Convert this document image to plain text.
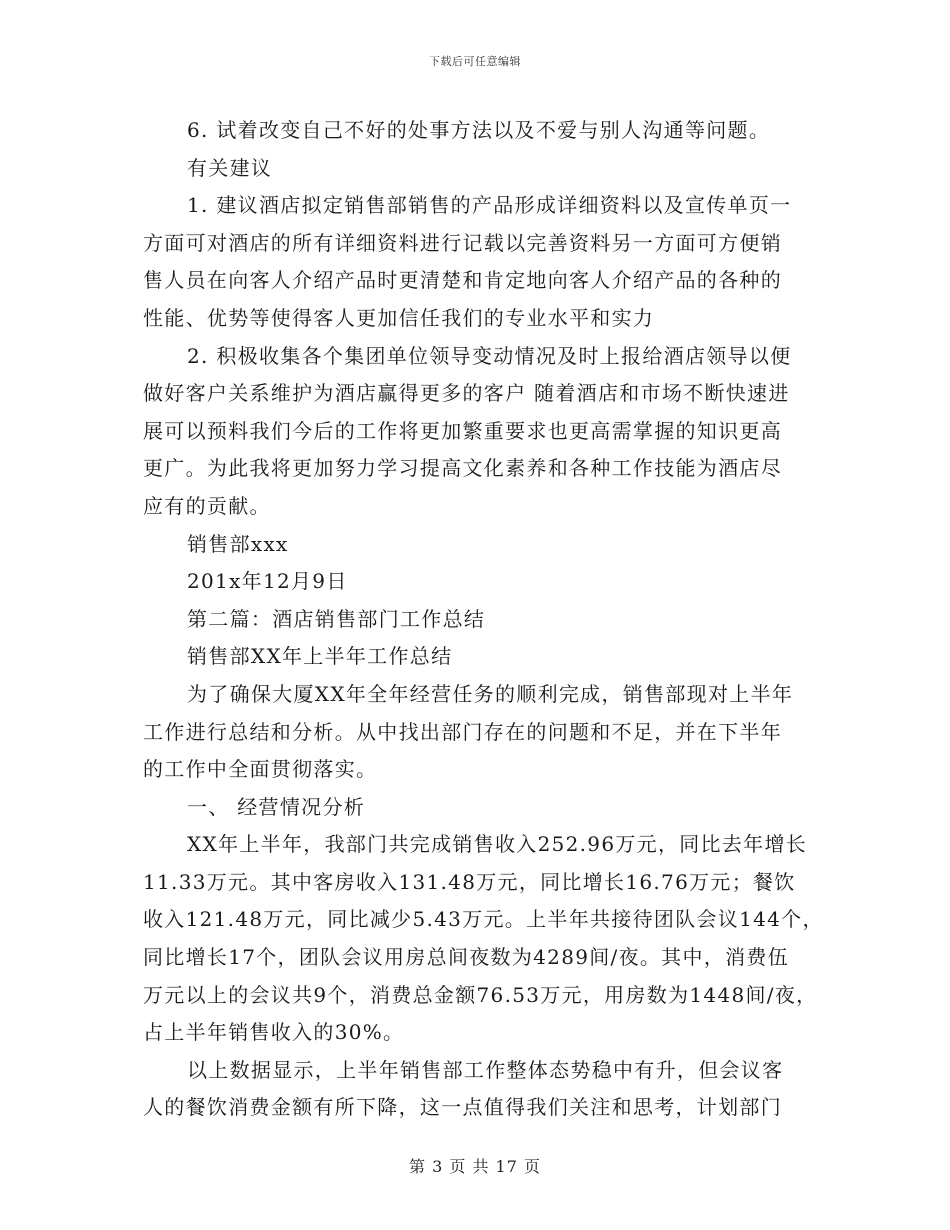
下载后可任意编辑
6. 试着改变自己不好的处事方法以及不爱与别人沟通等问题。
有关建议
1. 建议酒店拟定销售部销售的产品形成详细资料以及宣传单页一
方面可对酒店的所有详细资料进行记载以完善资料另一方面可方便销
售人员在向客人介绍产品时更清楚和肯定地向客人介绍产品的各种的
性能、优势等使得客人更加信任我们的专业水平和实力
2. 积极收集各个集团单位领导变动情况及时上报给酒店领导以便
做好客户关系维护为酒店赢得更多的客户 随着酒店和市场不断快速进
展可以预料我们今后的工作将更加繁重要求也更高需掌握的知识更高
更广。为此我将更加努力学习提高文化素养和各种工作技能为酒店尽
应有的贡献。
销售部xxx
201x年12月9日
第二篇：酒店销售部门工作总结
销售部XX年上半年工作总结
为了确保大厦XX年全年经营任务的顺利完成，销售部现对上半年
工作进行总结和分析。从中找出部门存在的问题和不足，并在下半年
的工作中全面贯彻落实。
一、 经营情况分析
XX年上半年，我部门共完成销售收入252.96万元，同比去年增长
11.33万元。其中客房收入131.48万元，同比增长16.76万元；餐饮
收入121.48万元，同比减少5.43万元。上半年共接待团队会议144个，
同比增长17个，团队会议用房总间夜数为4289间/夜。其中，消费伍
万元以上的会议共9个，消费总金额76.53万元，用房数为1448间/夜，
占上半年销售收入的30%。
以上数据显示，上半年销售部工作整体态势稳中有升，但会议客
人的餐饮消费金额有所下降，这一点值得我们关注和思考，计划部门
第 3 页 共 17 页
